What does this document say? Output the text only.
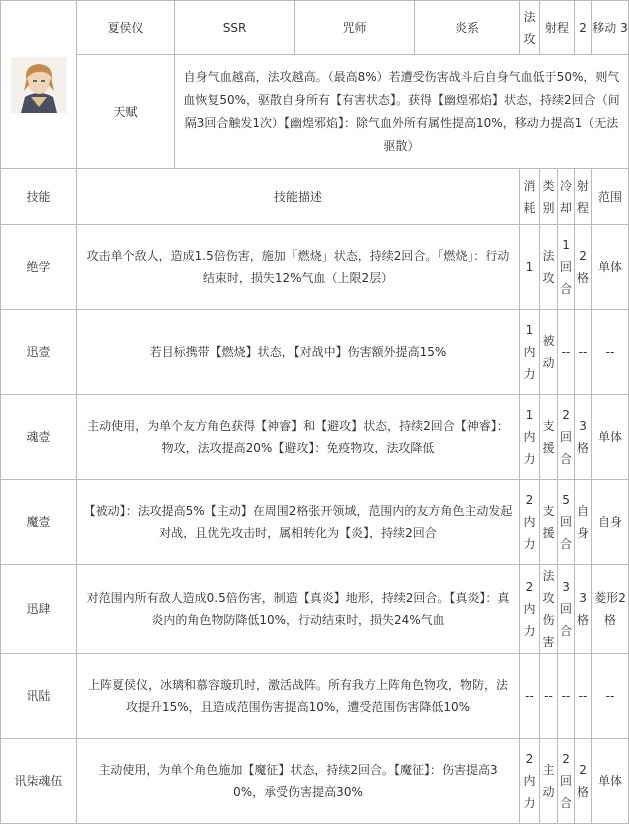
	夏侯仪	SSR	咒师	炎系	法攻	射程		2	移动 3
	天赋	自身气血越高，法攻越高。（最高8%）若遭受伤害战斗后自身气血低于50%，则气血恢复50%，驱散自身所有【有害状态】。获得【幽煌邪焰】状态，持续2回合（间隔3回合触发1次）【幽煌邪焰】：除气血外所有属性提高10%，移动力提高1（无法驱散）							
技能	技能描述				消耗	类别	冷却	射程	范围
绝学	攻击单个敌人，造成1.5倍伤害，施加「燃烧」状态，持续2回合。「燃烧」：行动结束时，损失12%气血（上限2层）				1	法攻	1回合	2格	单体
迅壹	若目标携带【燃烧】状态，【对战中】伤害额外提高15%				1内力	被动	--	--	--
魂壹	主动使用，为单个友方角色获得【神睿】和【避攻】状态，持续2回合【神睿】：物攻，法攻提高20%【避攻】：免疫物攻，法攻降低				1内力	支援	2回合	3格	单体
魔壹	【被动】：法攻提高5%【主动】在周围2格张开领域，范围内的友方角色主动发起对战，且优先攻击时，属相转化为【炎】，持续2回合				2内力	支援	5回合	自身	自身
迅肆	对范围内所有敌人造成0.5倍伤害，制造【真炎】地形，持续2回合。【真炎】：真炎内的角色物防降低10%，行动结束时，损失24%气血				2内力	法攻伤害	3回合	3格	菱形2格
讯陆	上阵夏侯仪，冰璃和慕容璇玑时，激活战阵。所有我方上阵角色物攻，物防，法攻提升15%，且造成范围伤害提高10%，遭受范围伤害降低10%				--	--	--	--	--
讯柒魂伍	主动使用，为单个角色施加【魔征】状态，持续2回合。【魔征】：伤害提高30%，承受伤害提高30%				2内力	主动	2回合	2格	单体
